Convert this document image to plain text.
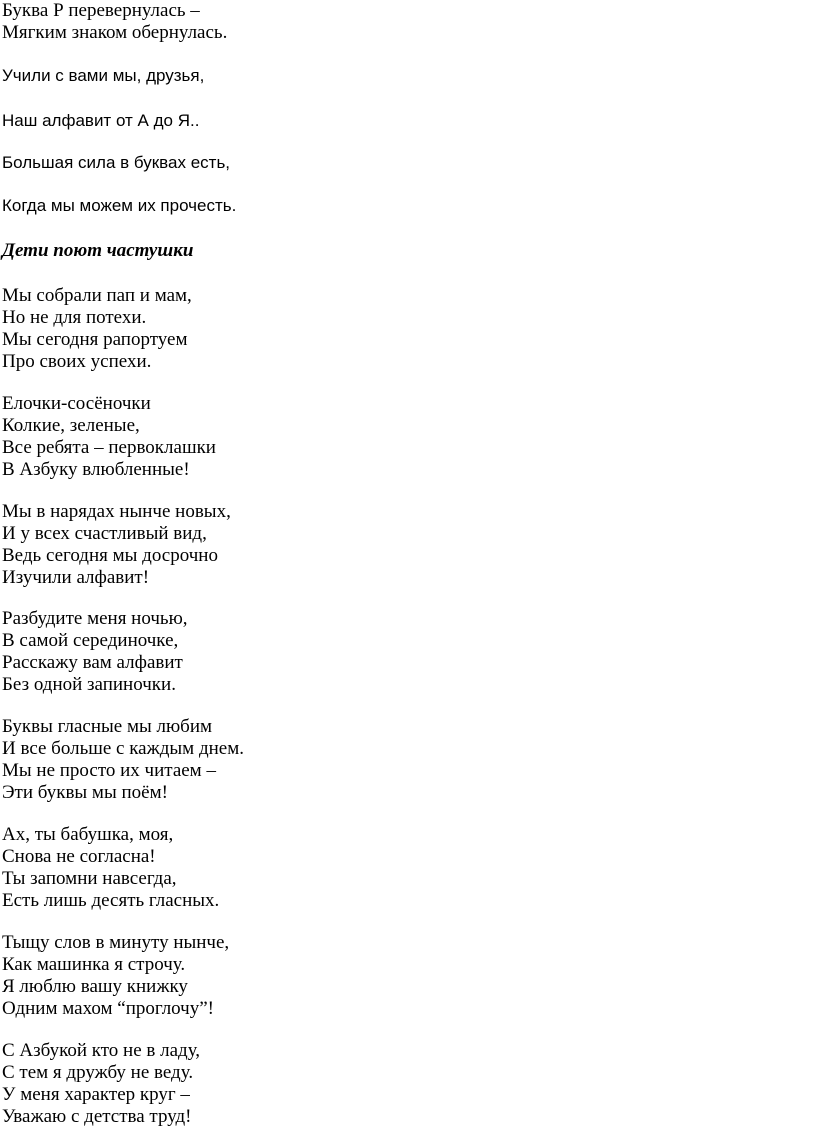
Буква Р перевернулась –
Мягким знаком обернулась.
Учили с вами мы, друзья,
Наш алфавит от А до Я..
Большая сила в буквах есть,
Когда мы можем их прочесть.
Дети поют частушки
Мы собрали пап и мам,
Но не для потехи.
Мы сегодня рапортуем
Про своих успехи.
Елочки-сосёночки
Колкие, зеленые,
Все ребята – первоклашки
В Азбуку влюбленные!
Мы в нарядах нынче новых,
И у всех счастливый вид,
Ведь сегодня мы досрочно
Изучили алфавит!
Разбудите меня ночью,
В самой серединочке,
Расскажу вам алфавит
Без одной запиночки.
Буквы гласные мы любим
И все больше с каждым днем.
Мы не просто их читаем –
Эти буквы мы поём!
Ах, ты бабушка, моя,
Снова не согласна!
Ты запомни навсегда,
Есть лишь десять гласных.
Тыщу слов в минуту нынче,
Как машинка я строчу.
Я люблю вашу книжку
Одним махом “проглочу”!
С Азбукой кто не в ладу,
С тем я дружбу не веду.
У меня характер круг –
Уважаю с детства труд!
